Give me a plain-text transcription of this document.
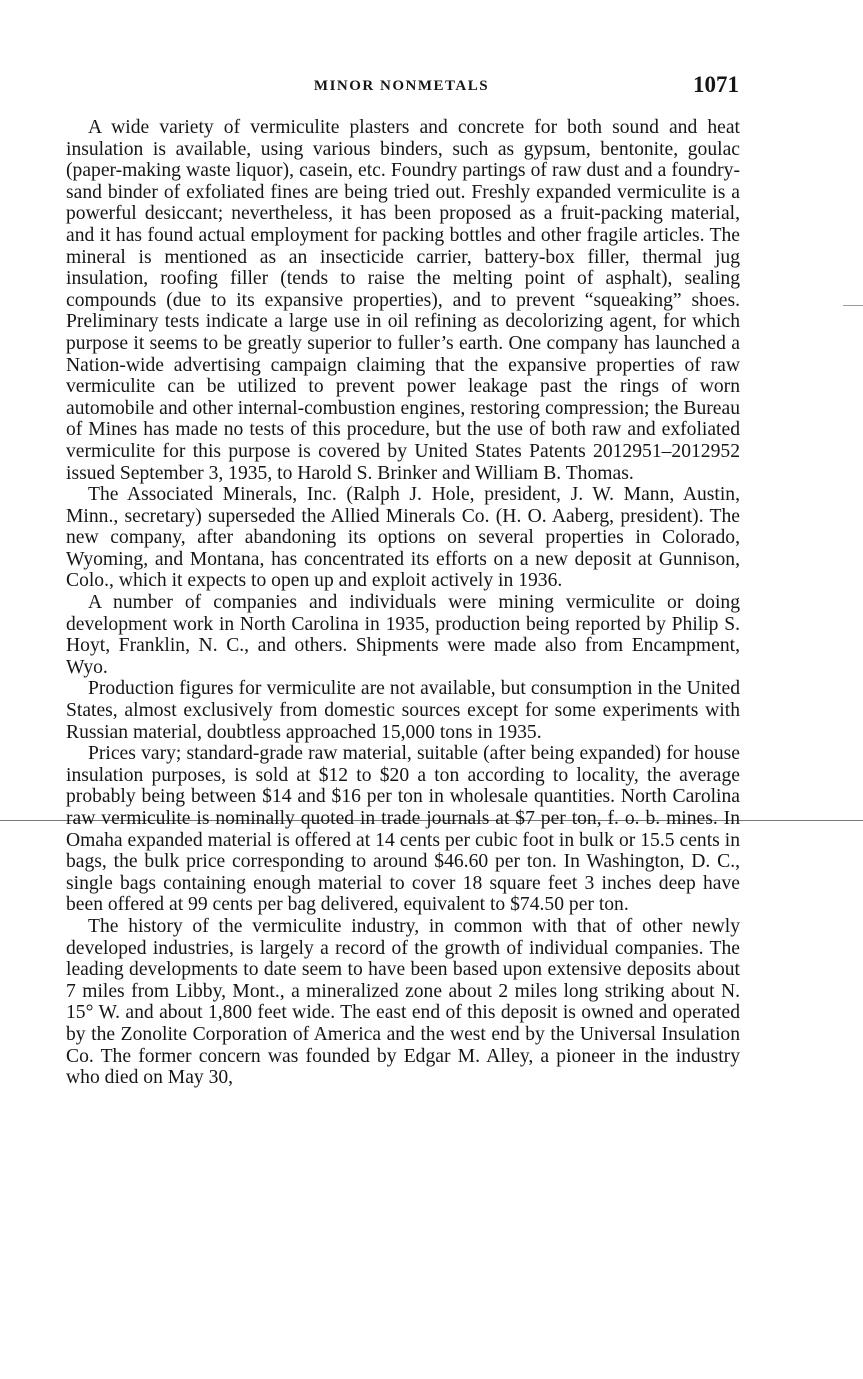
MINOR NONMETALS	1071

A wide variety of vermiculite plasters and concrete for both sound and heat insulation is available, using various binders, such as gypsum, bentonite, goulac (paper-making waste liquor), casein, etc. Foundry partings of raw dust and a foundry-sand binder of exfoliated fines are being tried out. Freshly expanded vermiculite is a powerful desiccant; nevertheless, it has been proposed as a fruit-packing material, and it has found actual employment for packing bottles and other fragile articles. The mineral is mentioned as an insecticide carrier, battery-box filler, thermal jug insulation, roofing filler (tends to raise the melting point of asphalt), sealing compounds (due to its expansive properties), and to prevent “squeaking” shoes. Preliminary tests indicate a large use in oil refining as decolorizing agent, for which purpose it seems to be greatly superior to fuller’s earth. One company has launched a Nation-wide advertising campaign claiming that the expansive properties of raw vermiculite can be utilized to prevent power leakage past the rings of worn automobile and other internal-combustion engines, restoring compression; the Bureau of Mines has made no tests of this procedure, but the use of both raw and exfoliated vermiculite for this purpose is covered by United States Patents 2012951–2012952 issued September 3, 1935, to Harold S. Brinker and William B. Thomas.

The Associated Minerals, Inc. (Ralph J. Hole, president, J. W. Mann, Austin, Minn., secretary) superseded the Allied Minerals Co. (H. O. Aaberg, president). The new company, after abandoning its options on several properties in Colorado, Wyoming, and Montana, has concentrated its efforts on a new deposit at Gunnison, Colo., which it expects to open up and exploit actively in 1936.

A number of companies and individuals were mining vermiculite or doing development work in North Carolina in 1935, production being reported by Philip S. Hoyt, Franklin, N. C., and others. Shipments were made also from Encampment, Wyo.

Production figures for vermiculite are not available, but consumption in the United States, almost exclusively from domestic sources except for some experiments with Russian material, doubtless approached 15,000 tons in 1935.

Prices vary; standard-grade raw material, suitable (after being expanded) for house insulation purposes, is sold at $12 to $20 a ton according to locality, the average probably being between $14 and $16 per ton in wholesale quantities. North Carolina raw vermiculite is nominally quoted in trade journals at $7 per ton, f. o. b. mines. In Omaha expanded material is offered at 14 cents per cubic foot in bulk or 15.5 cents in bags, the bulk price corresponding to around $46.60 per ton. In Washington, D. C., single bags containing enough material to cover 18 square feet 3 inches deep have been offered at 99 cents per bag delivered, equivalent to $74.50 per ton.

The history of the vermiculite industry, in common with that of other newly developed industries, is largely a record of the growth of individual companies. The leading developments to date seem to have been based upon extensive deposits about 7 miles from Libby, Mont., a mineralized zone about 2 miles long striking about N. 15° W. and about 1,800 feet wide. The east end of this deposit is owned and operated by the Zonolite Corporation of America and the west end by the Universal Insulation Co. The former concern was founded by Edgar M. Alley, a pioneer in the industry who died on May 30,
